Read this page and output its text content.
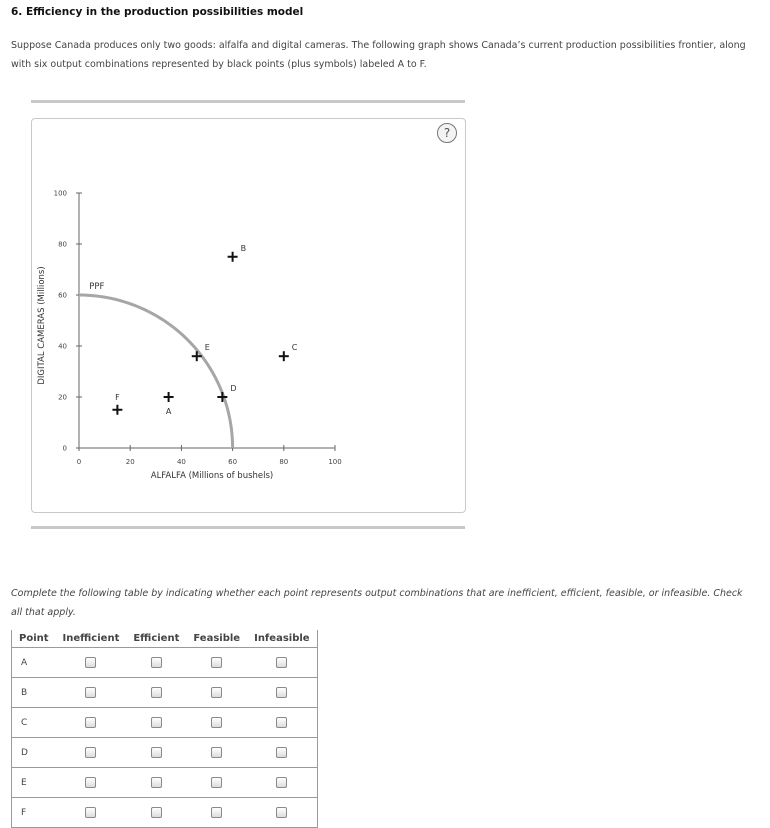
6. Efficiency in the production possibilities model
Suppose Canada produces only two goods: alfalfa and digital cameras. The following graph shows Canada’s current production possibilities frontier, along with six output combinations represented by black points (plus symbols) labeled A to F.
?
0	20	40	60	80	100
0
20
40
60
80
100
ALFALFA (Millions of bushels)
DIGITAL CAMERAS (Millions)	PPF
A
B
C
D
E
F
Complete the following table by indicating whether each point represents output combinations that are inefficient, efficient, feasible, or infeasible. Check all that apply.
Point	Inefficient	Efficient	Feasible	Infeasible
A				
B				
C				
D				
E				
F				
